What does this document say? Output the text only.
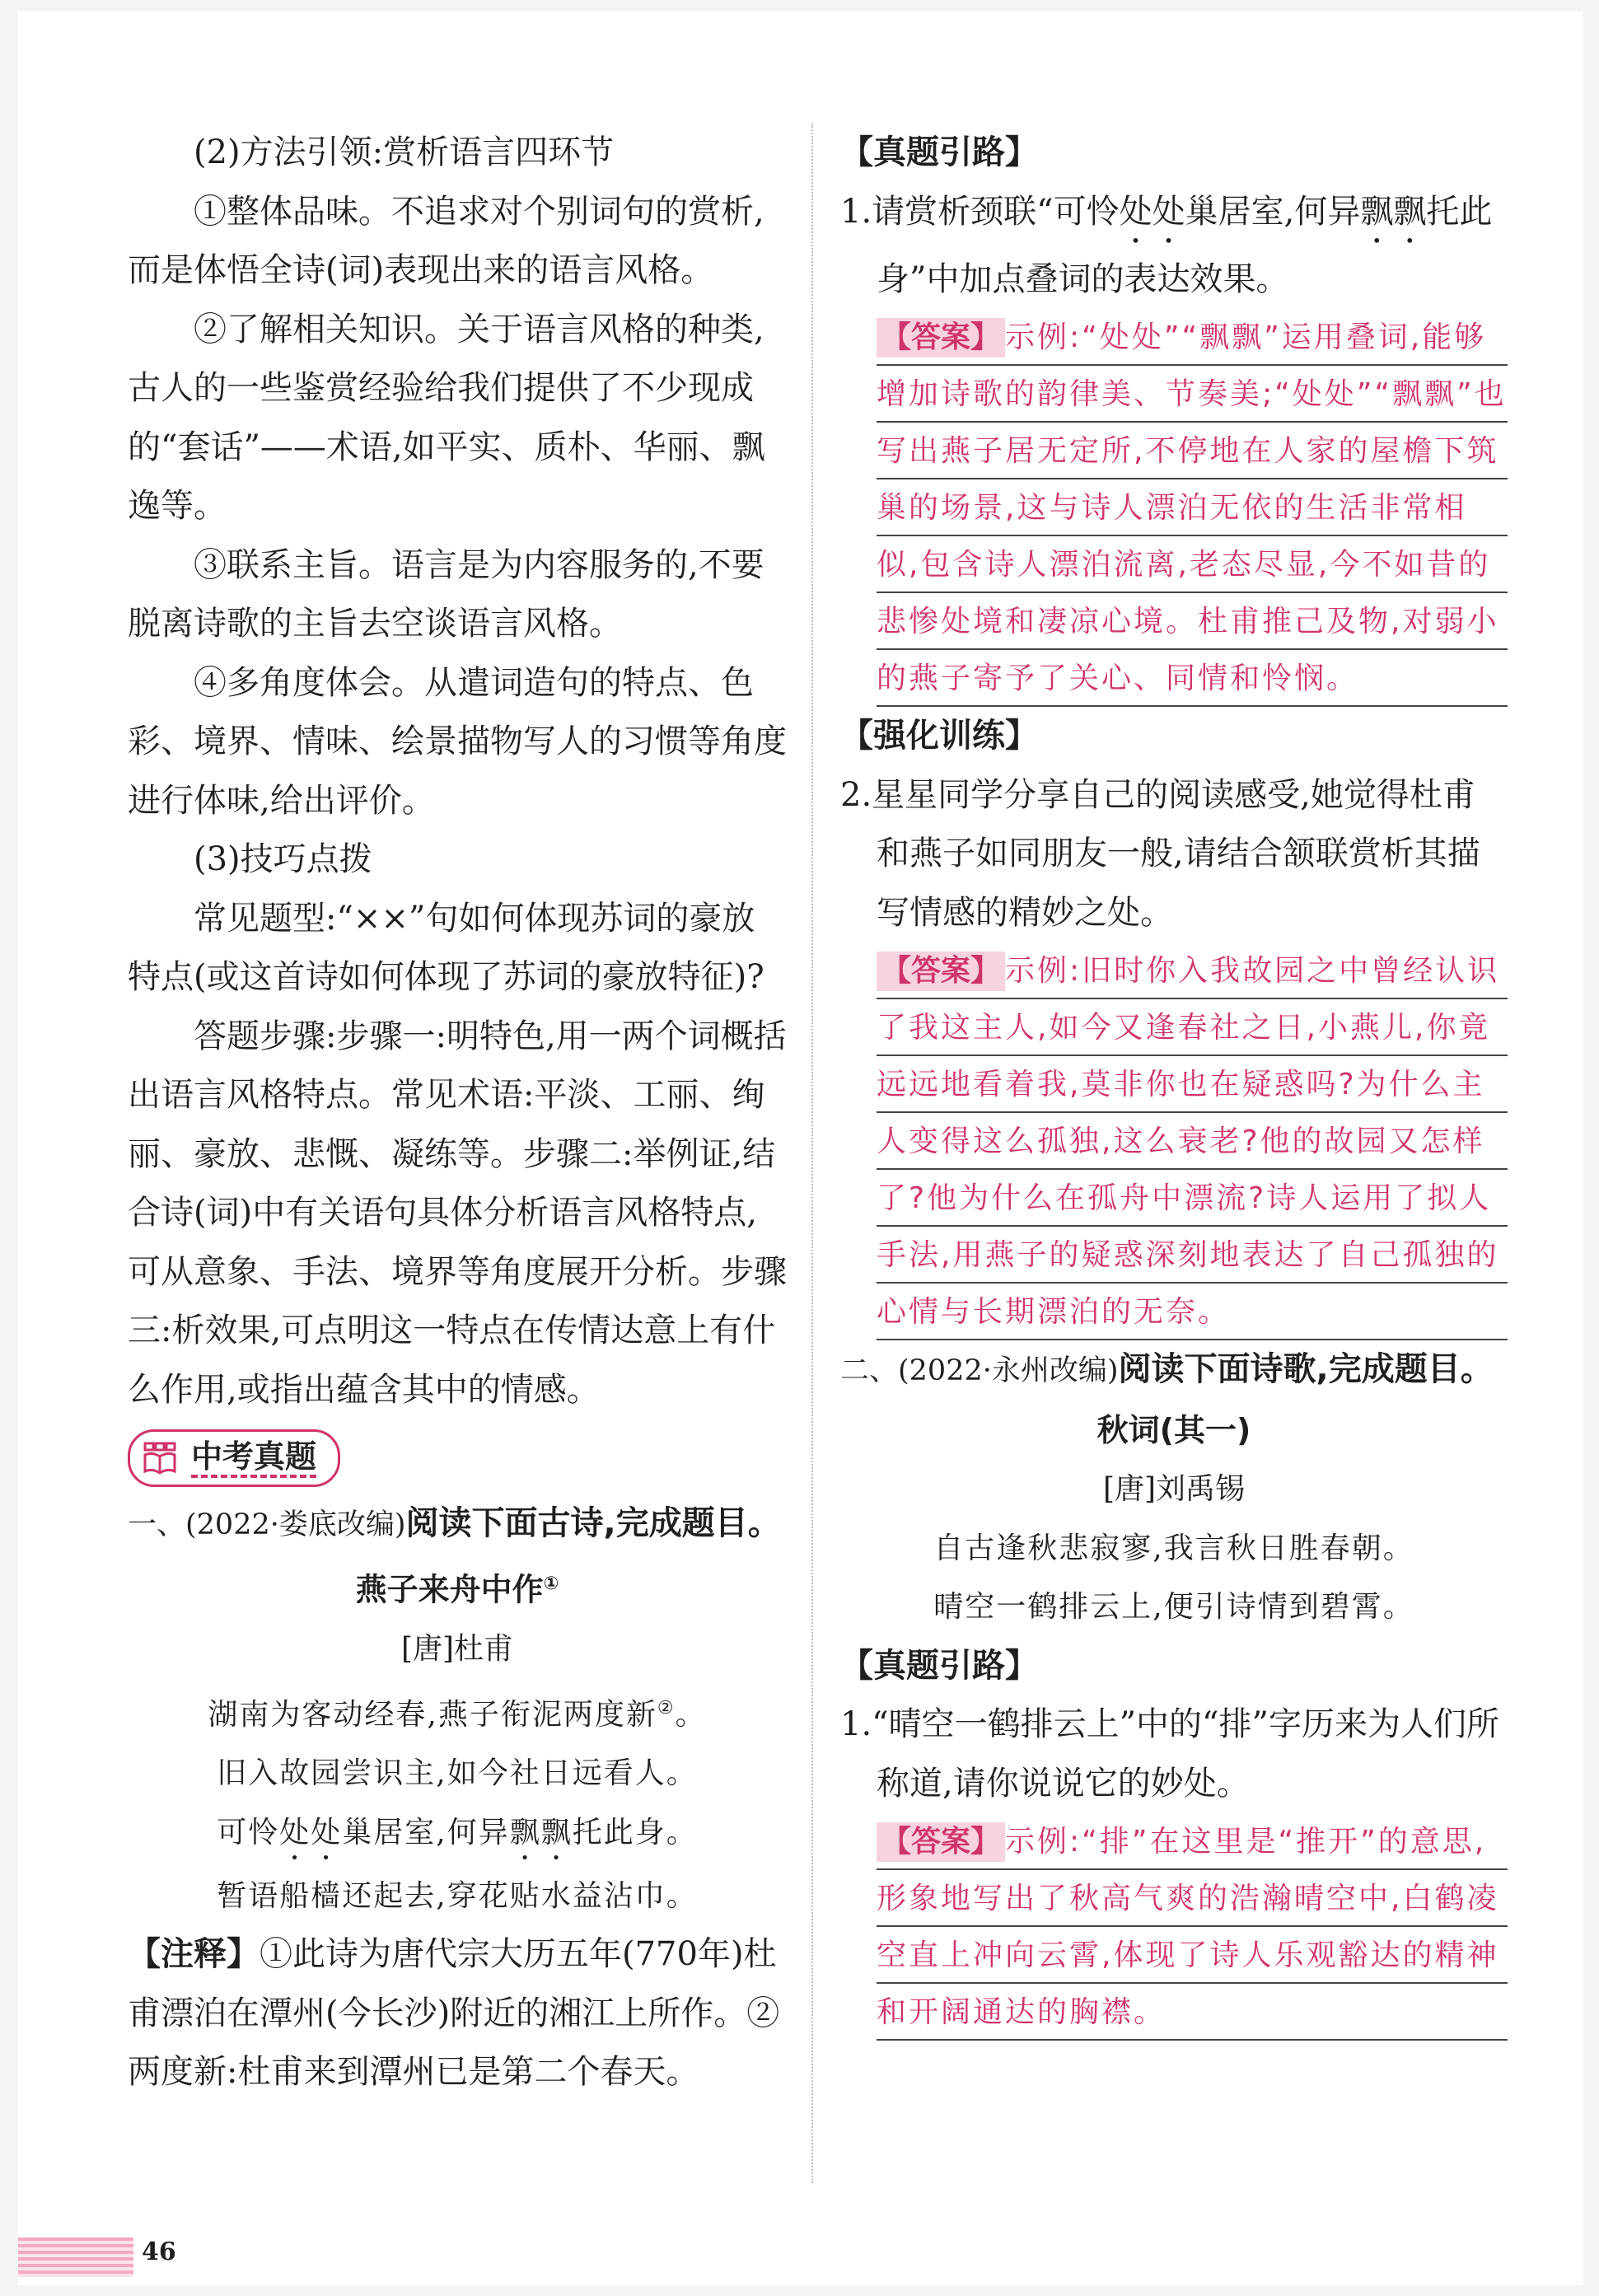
(2)方法引领:赏析语言四环节

①整体品味。不追求对个别词句的赏析,而是体悟全诗(词)表现出来的语言风格。

②了解相关知识。关于语言风格的种类,古人的一些鉴赏经验给我们提供了不少现成的“套话”——术语,如平实、质朴、华丽、飘逸等。

③联系主旨。语言是为内容服务的,不要脱离诗歌的主旨去空谈语言风格。

④多角度体会。从遣词造句的特点、色彩、境界、情味、绘景描物写人的习惯等角度进行体味,给出评价。

(3)技巧点拨

常见题型:“××”句如何体现苏词的豪放特点(或这首诗如何体现了苏词的豪放特征)?

答题步骤:步骤一:明特色,用一两个词概括出语言风格特点。常见术语:平淡、工丽、绚丽、豪放、悲慨、凝练等。步骤二:举例证,结合诗(词)中有关语句具体分析语言风格特点,可从意象、手法、境界等角度展开分析。步骤三:析效果,可点明这一特点在传情达意上有什么作用,或指出蕴含其中的情感。

中考真题

一、(2022·娄底改编)阅读下面古诗,完成题目。

燕子来舟中作①

[唐]杜甫

湖南为客动经春,燕子衔泥两度新②。

旧入故园尝识主,如今社日远看人。

可怜处处巢居室,何异飘飘托此身。

暂语船樯还起去,穿花贴水益沾巾。

【注释】①此诗为唐代宗大历五年(770年)杜甫漂泊在潭州(今长沙)附近的湘江上所作。②两度新:杜甫来到潭州已是第二个春天。

【真题引路】

1.请赏析颈联“可怜处处巢居室,何异飘飘托此身”中加点叠词的表达效果。

【 答案 】 示例:“处处”“飘飘”运用叠词,能够增加诗歌的韵律美、节奏美;“处处”“飘飘”也写出燕子居无定所,不停地在人家的屋檐下筑巢的场景,这与诗人漂泊无依的生活非常相似,包含诗人漂泊流离,老态尽显,今不如昔的悲惨处境和凄凉心境。杜甫推己及物,对弱小的燕子寄予了关心、同情和怜悯。

【强化训练】

2.星星同学分享自己的阅读感受,她觉得杜甫和燕子如同朋友一般,请结合颔联赏析其描写情感的精妙之处。

【 答案 】 示例:旧时你入我故园之中曾经认识了我这主人,如今又逢春社之日,小燕儿,你竟远远地看着我,莫非你也在疑惑吗?为什么主人变得这么孤独,这么衰老?他的故园又怎样了?他为什么在孤舟中漂流?诗人运用了拟人手法,用燕子的疑惑深刻地表达了自己孤独的心情与长期漂泊的无奈。

二、(2022·永州改编)阅读下面诗歌,完成题目。

秋词(其一)

[唐]刘禹锡

自古逢秋悲寂寥,我言秋日胜春朝。

晴空一鹤排云上,便引诗情到碧霄。

【真题引路】

1.“晴空一鹤排云上”中的“排”字历来为人们所称道,请你说说它的妙处。

【 答案 】 示例:“排”在这里是“推开”的意思,形象地写出了秋高气爽的浩瀚晴空中,白鹤凌空直上冲向云霄,体现了诗人乐观豁达的精神和开阔通达的胸襟。

46
